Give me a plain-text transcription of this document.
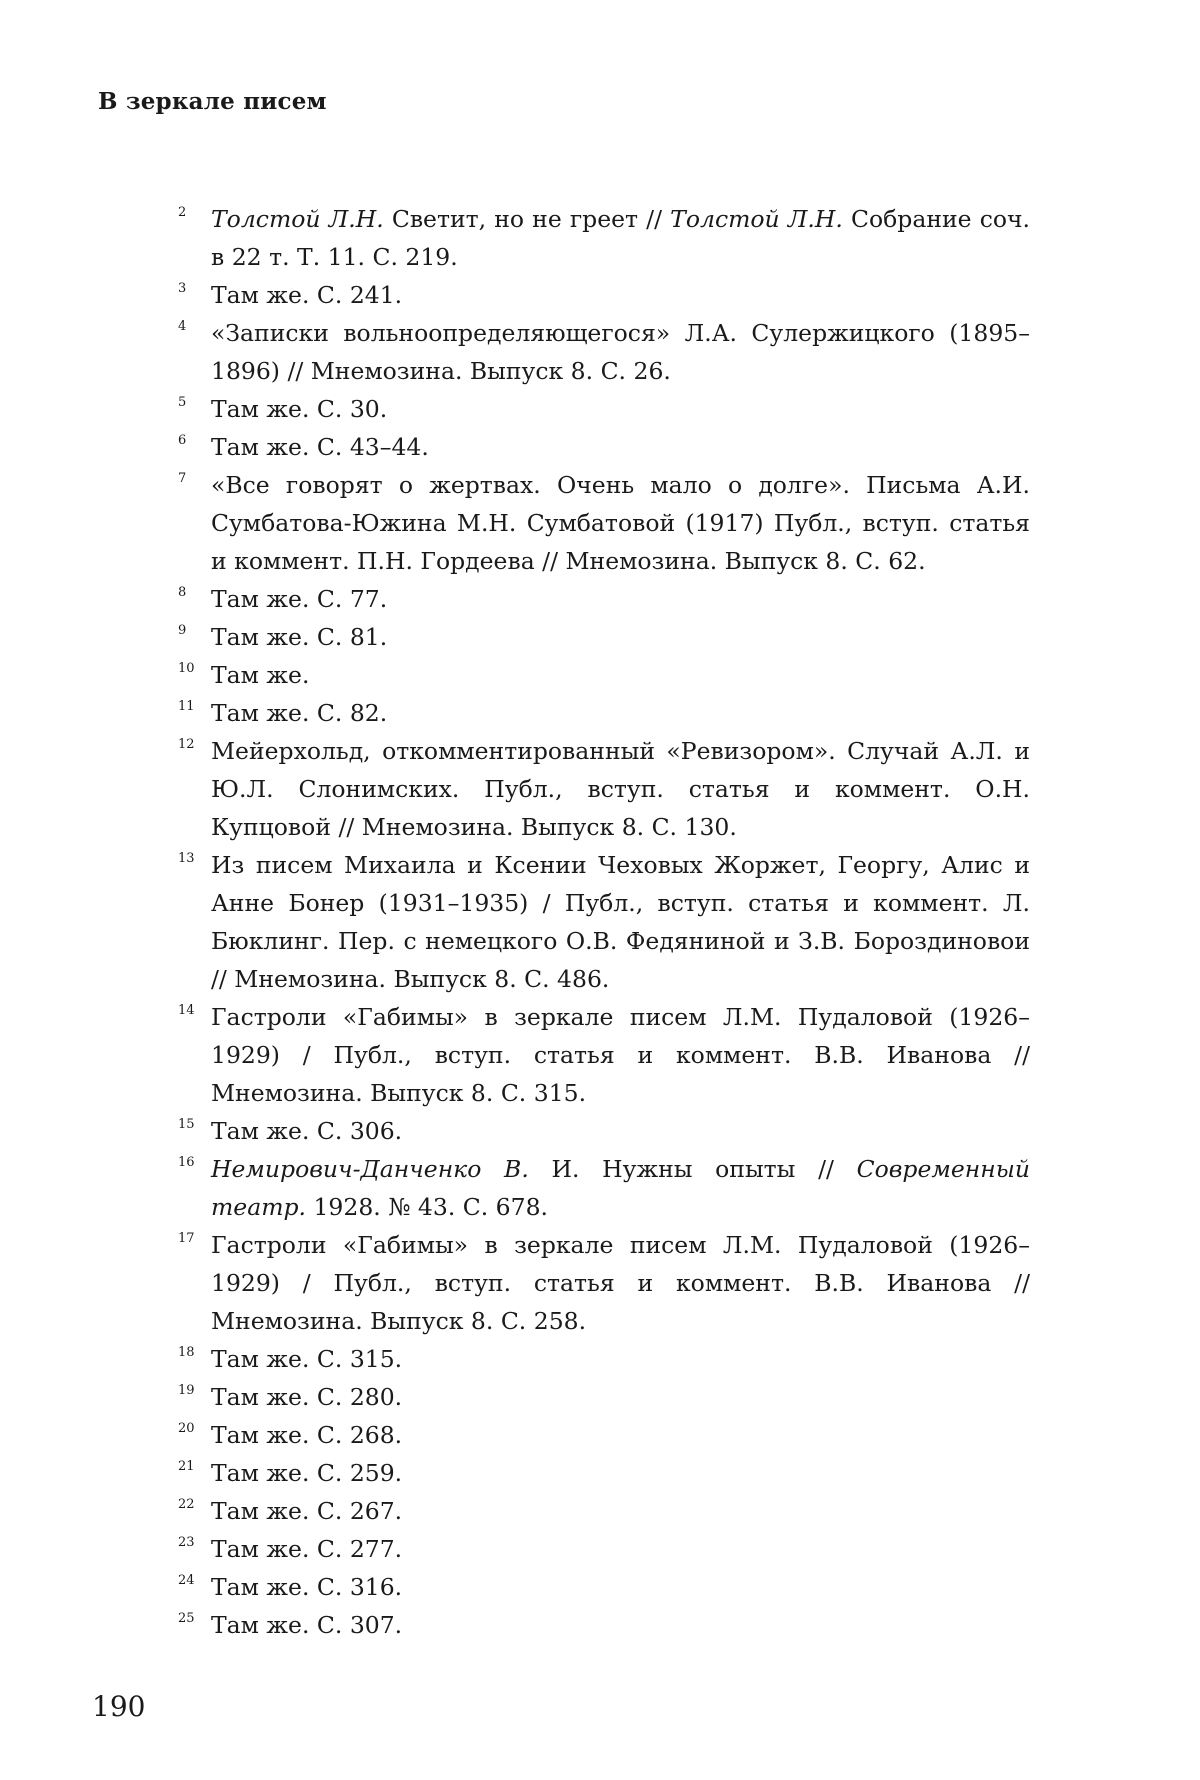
В зеркале писем
2	Толстой Л.Н. Светит, но не греет // Толстой Л.Н. Собрание соч. в 22 т. Т. 11. С. 219.
3	Там же. С. 241.
4	«Записки вольноопределяющегося» Л.А. Сулержицкого (1895–1896) // Мнемозина. Выпуск 8. С. 26.
5	Там же. С. 30.
6	Там же. С. 43–44.
7	«Все говорят о жертвах. Очень мало о долге». Письма А.И. Сумбатова-Южина М.Н. Сумбатовой (1917) Публ., вступ. статья и коммент. П.Н. Гордеева // Мнемозина. Выпуск 8. С. 62.
8	Там же. С. 77.
9	Там же. С. 81.
10 Там же.
11 Там же. С. 82.
12 Мейерхольд, откомментированный «Ревизором». Случай А.Л. и Ю.Л. Слонимских. Публ., вступ. статья и коммент. О.Н. Купцовой // Мнемозина. Выпуск 8. С. 130.
13 Из писем Михаила и Ксении Чеховых Жоржет, Георгу, Алис и Анне Бонер (1931–1935) / Публ., вступ. статья и коммент. Л. Бюклинг. Пер. с немецкого О.В. Федяниной и З.В. Бороздиновои // Мнемозина. Выпуск 8. С. 486.
14 Гастроли «Габимы» в зеркале писем Л.М. Пудаловой (1926–1929) / Публ., вступ. статья и коммент. В.В. Иванова // Мнемозина. Выпуск 8. С. 315.
15 Там же. С. 306.
16 Немирович-Данченко В. И. Нужны опыты // Современный театр. 1928. № 43. С. 678.
17 Гастроли «Габимы» в зеркале писем Л.М. Пудаловой (1926–1929) / Публ., вступ. статья и коммент. В.В. Иванова // Мнемозина. Выпуск 8. С. 258.
18 Там же. С. 315.
19 Там же. С. 280.
20 Там же. С. 268.
21 Там же. С. 259.
22 Там же. С. 267.
23 Там же. С. 277.
24 Там же. С. 316.
25 Там же. С. 307.
190
